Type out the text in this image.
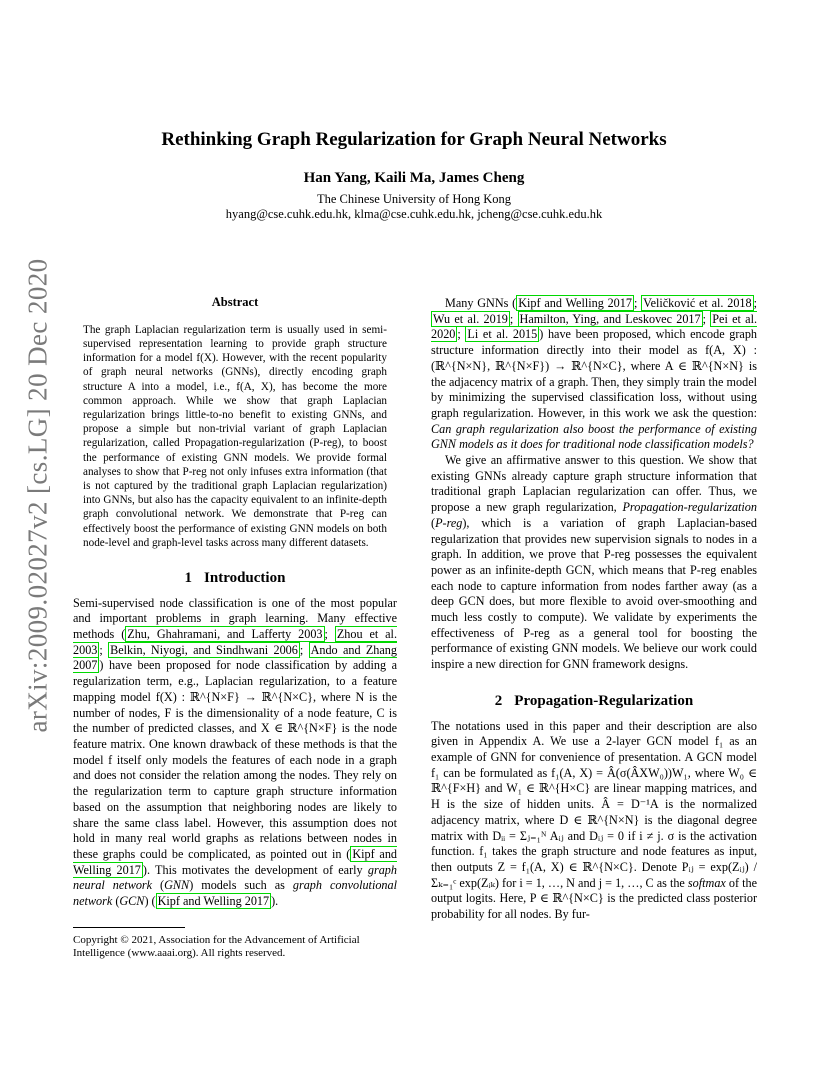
arXiv:2009.02027v2 [cs.LG] 20 Dec 2020
Rethinking Graph Regularization for Graph Neural Networks
Han Yang, Kaili Ma, James Cheng
The Chinese University of Hong Kong
hyang@cse.cuhk.edu.hk, klma@cse.cuhk.edu.hk, jcheng@cse.cuhk.edu.hk
Abstract
The graph Laplacian regularization term is usually used in semi-supervised representation learning to provide graph structure information for a model f(X). However, with the recent popularity of graph neural networks (GNNs), directly encoding graph structure A into a model, i.e., f(A, X), has become the more common approach. While we show that graph Laplacian regularization brings little-to-no benefit to existing GNNs, and propose a simple but non-trivial variant of graph Laplacian regularization, called Propagation-regularization (P-reg), to boost the performance of existing GNN models. We provide formal analyses to show that P-reg not only infuses extra information (that is not captured by the traditional graph Laplacian regularization) into GNNs, but also has the capacity equivalent to an infinite-depth graph convolutional network. We demonstrate that P-reg can effectively boost the performance of existing GNN models on both node-level and graph-level tasks across many different datasets.
1 Introduction

Semi-supervised node classification is one of the most popular and important problems in graph learning. Many effective methods ( Zhu, Ghahramani, and Lafferty 2003 ; Zhou et al. 2003 ; Belkin, Niyogi, and Sindhwani 2006 ; Ando and Zhang 2007 ) have been proposed for node classification by adding a regularization term, e.g., Laplacian regularization, to a feature mapping model f(X) : ℝ^{N×F} → ℝ^{N×C}, where N is the number of nodes, F is the dimensionality of a node feature, C is the number of predicted classes, and X ∈ ℝ^{N×F} is the node feature matrix. One known drawback of these methods is that the model f itself only models the features of each node in a graph and does not consider the relation among the nodes. They rely on the regularization term to capture graph structure information based on the assumption that neighboring nodes are likely to share the same class label. However, this assumption does not hold in many real world graphs as relations between nodes in these graphs could be complicated, as pointed out in ( Kipf and Welling 2017 ). This motivates the development of early graph neural network (GNN) models such as graph convolutional network (GCN) ( Kipf and Welling 2017 ).

Copyright © 2021, Association for the Advancement of Artificial Intelligence (www.aaai.org). All rights reserved.

Many GNNs ( Kipf and Welling 2017 ; Veličković et al. 2018 ; Wu et al. 2019 ; Hamilton, Ying, and Leskovec 2017 ; Pei et al. 2020 ; Li et al. 2015 ) have been proposed, which encode graph structure information directly into their model as f(A, X) : (ℝ^{N×N}, ℝ^{N×F}) → ℝ^{N×C}, where A ∈ ℝ^{N×N} is the adjacency matrix of a graph. Then, they simply train the model by minimizing the supervised classification loss, without using graph regularization. However, in this work we ask the question: Can graph regularization also boost the performance of existing GNN models as it does for traditional node classification models?

We give an affirmative answer to this question. We show that existing GNNs already capture graph structure information that traditional graph Laplacian regularization can offer. Thus, we propose a new graph regularization, Propagation-regularization (P-reg), which is a variation of graph Laplacian-based regularization that provides new supervision signals to nodes in a graph. In addition, we prove that P-reg possesses the equivalent power as an infinite-depth GCN, which means that P-reg enables each node to capture information from nodes farther away (as a deep GCN does, but more flexible to avoid over-smoothing and much less costly to compute). We validate by experiments the effectiveness of P-reg as a general tool for boosting the performance of existing GNN models. We believe our work could inspire a new direction for GNN framework designs.

2 Propagation-Regularization

The notations used in this paper and their description are also given in Appendix A. We use a 2-layer GCN model f₁ as an example of GNN for convenience of presentation. A GCN model f₁ can be formulated as f₁(A, X) = Â(σ(ÂXW₀))W₁, where W₀ ∈ ℝ^{F×H} and W₁ ∈ ℝ^{H×C} are linear mapping matrices, and H is the size of hidden units. Â = D⁻¹A is the normalized adjacency matrix, where D ∈ ℝ^{N×N} is the diagonal degree matrix with Dᵢᵢ = Σⱼ₌₁ᴺ Aᵢⱼ and Dᵢⱼ = 0 if i ≠ j. σ is the activation function. f₁ takes the graph structure and node features as input, then outputs Z = f₁(A, X) ∈ ℝ^{N×C}. Denote Pᵢⱼ = exp(Zᵢⱼ) / Σₖ₌₁ᶜ exp(Zᵢₖ) for i = 1, …, N and j = 1, …, C as the softmax of the output logits. Here, P ∈ ℝ^{N×C} is the predicted class posterior probability for all nodes. By fur-
